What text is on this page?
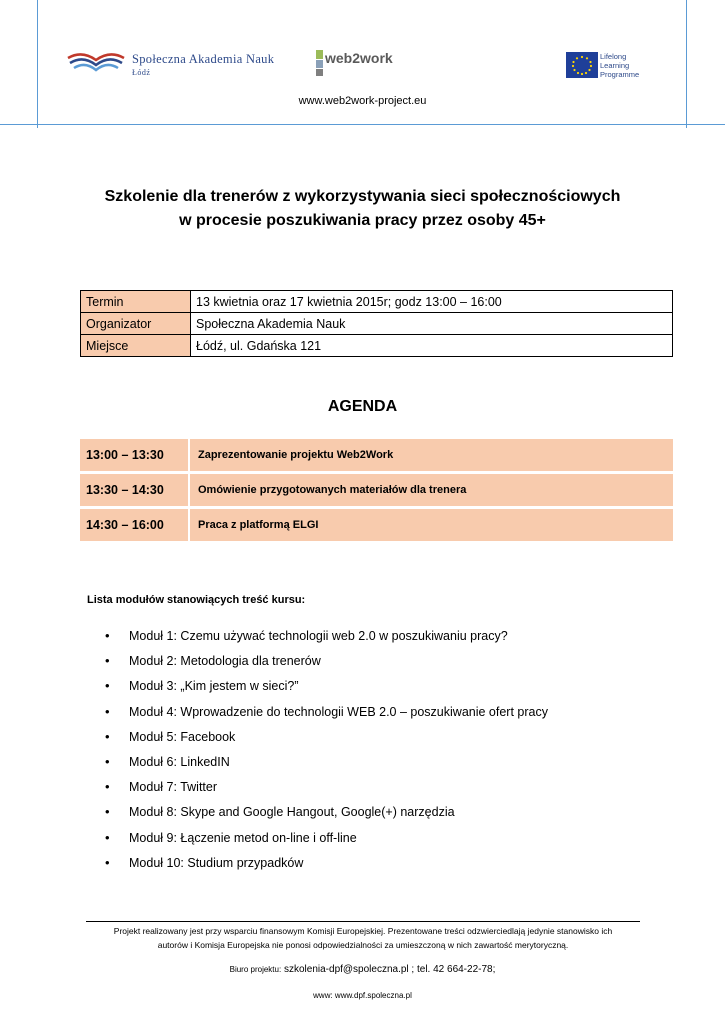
Społeczna Akademia Nauk
Łódź
web2work	Lifelong Learning Programme
www.web2work-project.eu
Szkolenie dla trenerów z wykorzystywania sieci społecznościowych
w procesie poszukiwania pracy przez osoby 45+
Termin	13 kwietnia oraz 17 kwietnia 2015r; godz 13:00 – 16:00
Organizator	Społeczna Akademia Nauk
Miejsce	Łódź, ul. Gdańska 121
AGENDA
13:00 – 13:30	Zaprezentowanie projektu Web2Work
13:30 – 14:30	Omówienie przygotowanych materiałów dla trenera
14:30 – 16:00	Praca z platformą ELGI
Lista modułów stanowiących treść kursu:
• Moduł 1: Czemu używać technologii web 2.0 w poszukiwaniu pracy?
• Moduł 2: Metodologia dla trenerów
• Moduł 3: „Kim jestem w sieci?”
• Moduł 4: Wprowadzenie do technologii WEB 2.0 – poszukiwanie ofert pracy
• Moduł 5: Facebook
• Moduł 6: LinkedIN
• Moduł 7: Twitter
• Moduł 8: Skype and Google Hangout, Google(+) narzędzia
• Moduł 9: Łączenie metod on-line i off-line
• Moduł 10: Studium przypadków
Projekt realizowany jest przy wsparciu finansowym Komisji Europejskiej. Prezentowane treści odzwierciedlają jedynie stanowisko ich
autorów i Komisja Europejska nie ponosi odpowiedzialności za umieszczoną w nich zawartość merytoryczną.
Biuro projektu: szkolenia-dpf@spoleczna.pl ; tel. 42 664-22-78;
www: www.dpf.spoleczna.pl
